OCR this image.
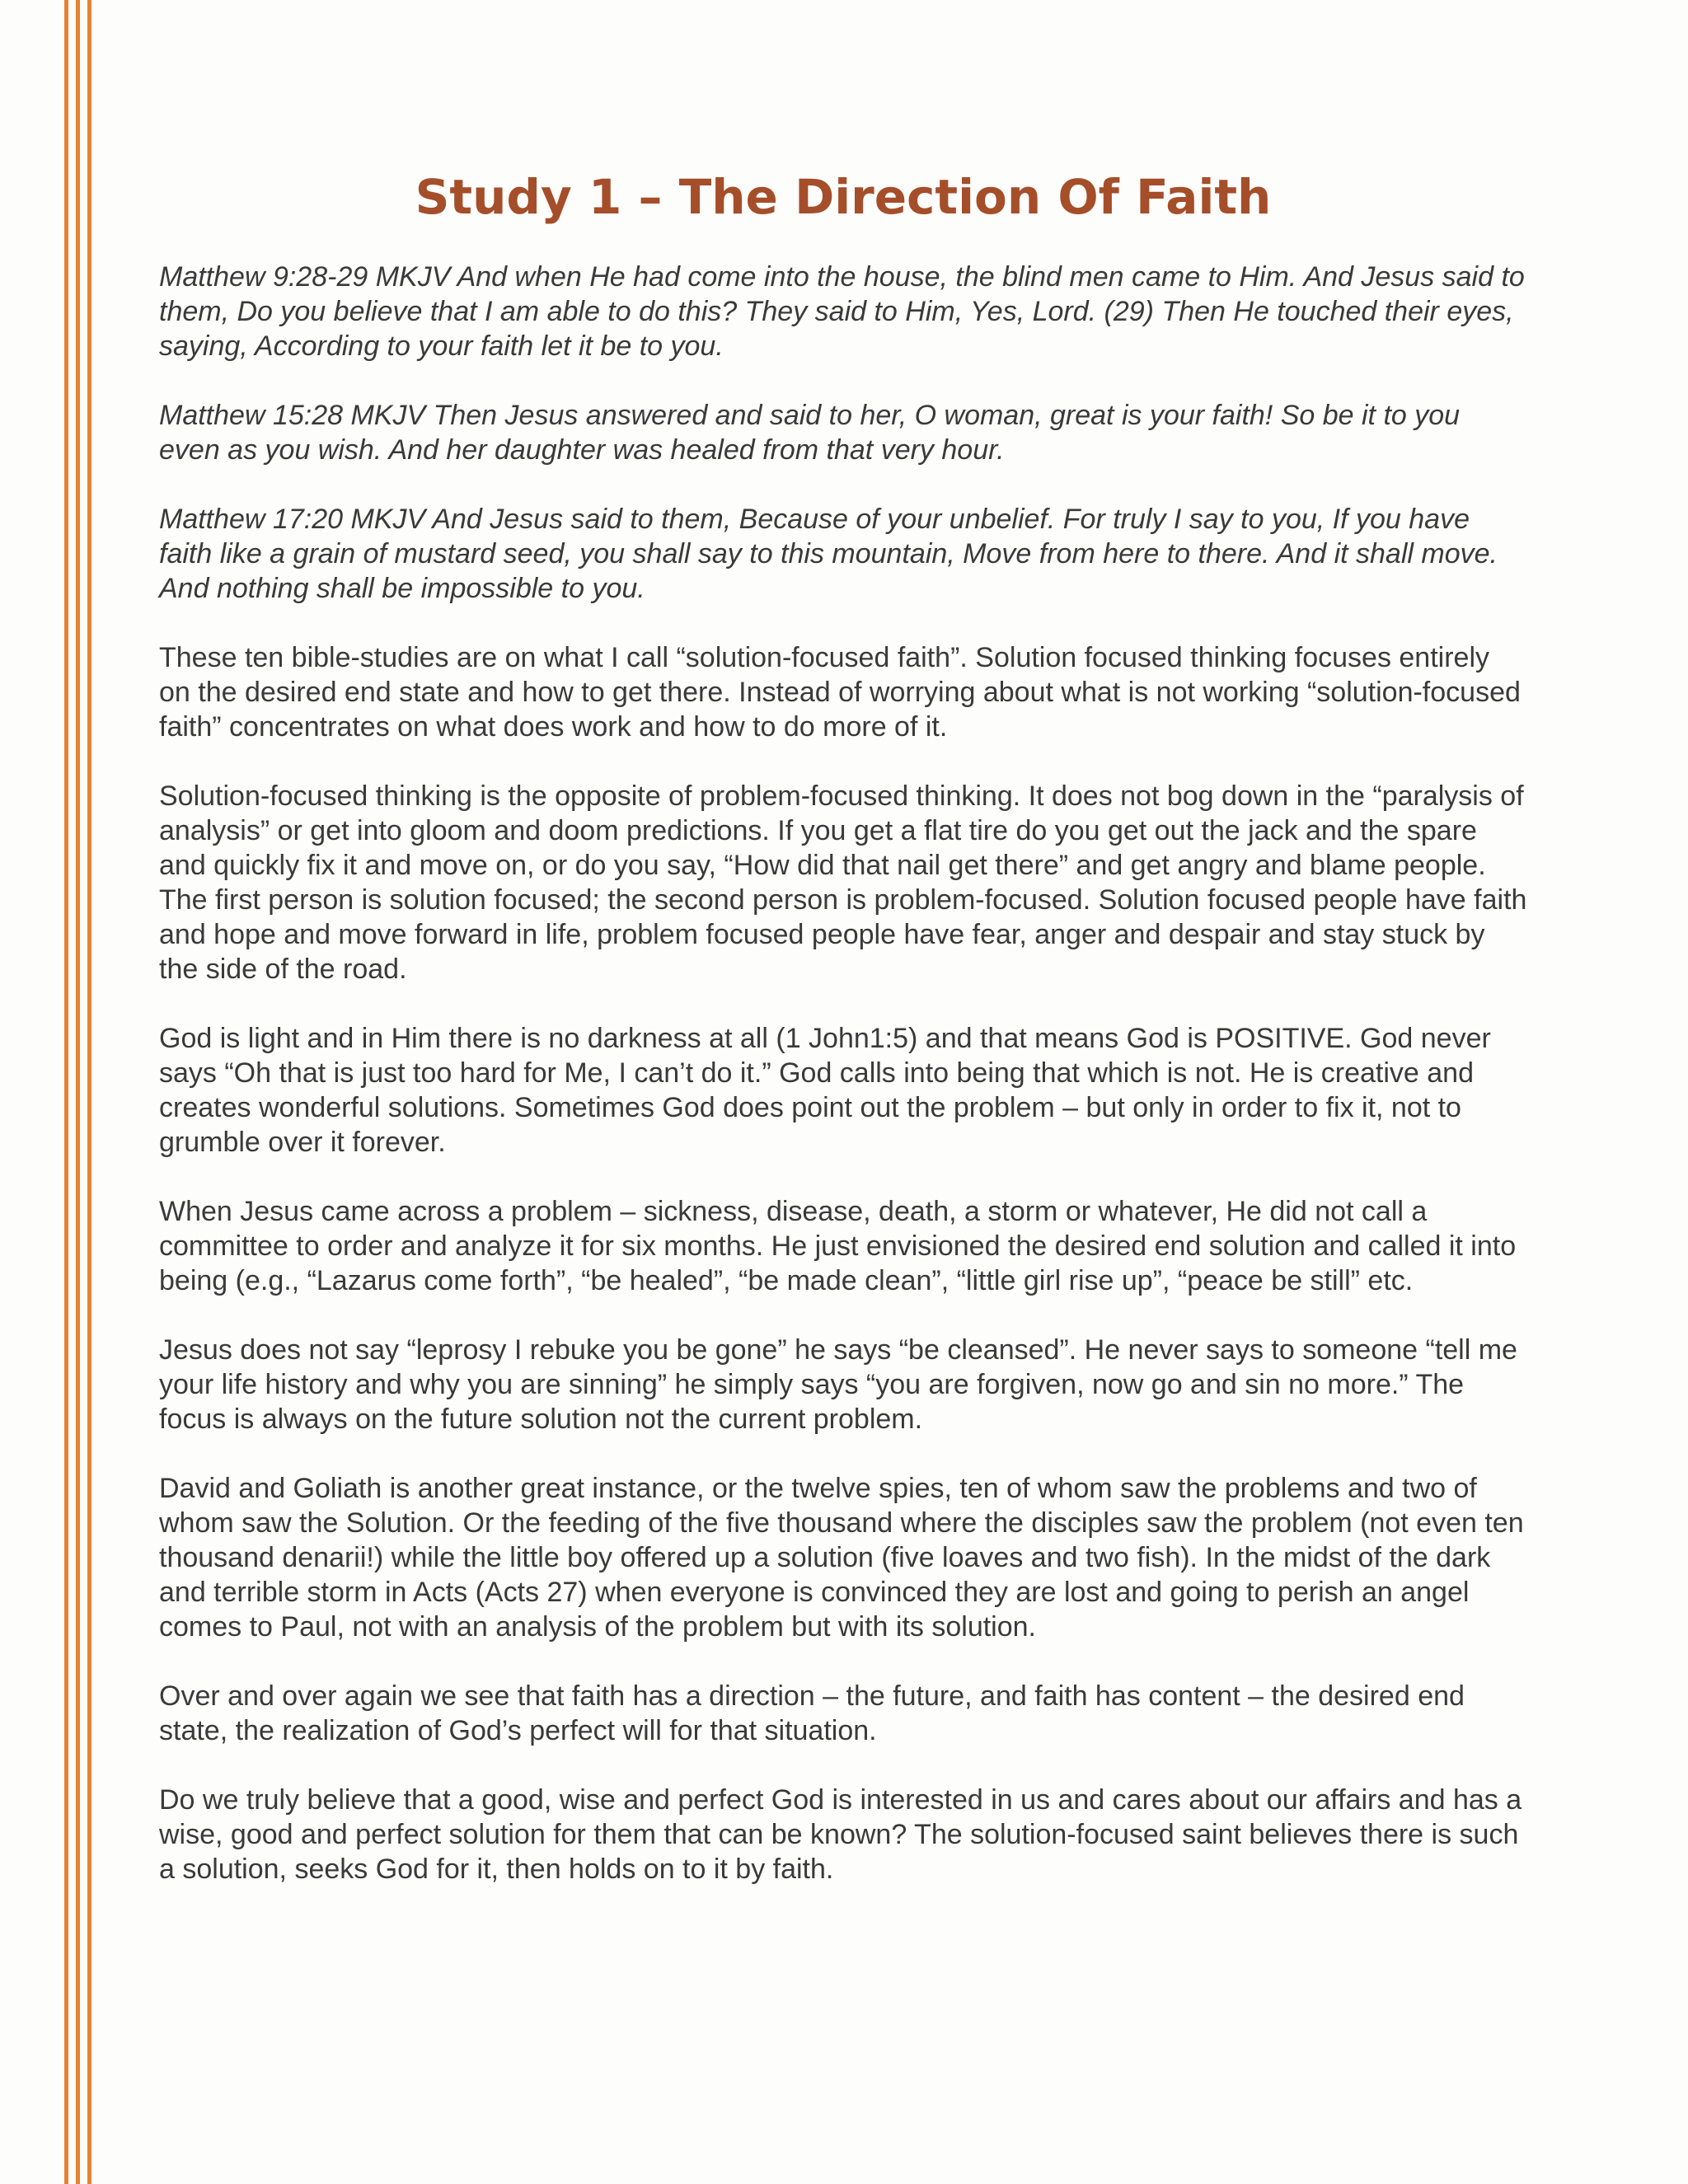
Study 1 – The Direction Of Faith

Matthew 9:28-29 MKJV And when He had come into the house, the blind men came to Him. And Jesus said to them, Do you believe that I am able to do this? They said to Him, Yes, Lord. (29) Then He touched their eyes, saying, According to your faith let it be to you.

Matthew 15:28 MKJV Then Jesus answered and said to her, O woman, great is your faith! So be it to you even as you wish. And her daughter was healed from that very hour.

Matthew 17:20 MKJV And Jesus said to them, Because of your unbelief. For truly I say to you, If you have faith like a grain of mustard seed, you shall say to this mountain, Move from here to there. And it shall move. And nothing shall be impossible to you.

These ten bible-studies are on what I call “solution-focused faith”. Solution focused thinking focuses entirely on the desired end state and how to get there. Instead of worrying about what is not working “solution-focused faith” concentrates on what does work and how to do more of it.

Solution-focused thinking is the opposite of problem-focused thinking. It does not bog down in the “paralysis of analysis” or get into gloom and doom predictions. If you get a flat tire do you get out the jack and the spare and quickly fix it and move on, or do you say, “How did that nail get there” and get angry and blame people. The first person is solution focused; the second person is problem-focused. Solution focused people have faith and hope and move forward in life, problem focused people have fear, anger and despair and stay stuck by the side of the road.

God is light and in Him there is no darkness at all (1 John1:5) and that means God is POSITIVE. God never says “Oh that is just too hard for Me, I can’t do it.” God calls into being that which is not. He is creative and creates wonderful solutions. Sometimes God does point out the problem – but only in order to fix it, not to grumble over it forever.

When Jesus came across a problem – sickness, disease, death, a storm or whatever, He did not call a committee to order and analyze it for six months. He just envisioned the desired end solution and called it into being (e.g., “Lazarus come forth”, “be healed”, “be made clean”, “little girl rise up”, “peace be still” etc.

Jesus does not say “leprosy I rebuke you be gone” he says “be cleansed”. He never says to someone “tell me your life history and why you are sinning” he simply says “you are forgiven, now go and sin no more.” The focus is always on the future solution not the current problem.

David and Goliath is another great instance, or the twelve spies, ten of whom saw the problems and two of whom saw the Solution. Or the feeding of the five thousand where the disciples saw the problem (not even ten thousand denarii!) while the little boy offered up a solution (five loaves and two fish). In the midst of the dark and terrible storm in Acts (Acts 27) when everyone is convinced they are lost and going to perish an angel comes to Paul, not with an analysis of the problem but with its solution.

Over and over again we see that faith has a direction – the future, and faith has content – the desired end state, the realization of God’s perfect will for that situation.

Do we truly believe that a good, wise and perfect God is interested in us and cares about our affairs and has a wise, good and perfect solution for them that can be known? The solution-focused saint believes there is such a solution, seeks God for it, then holds on to it by faith.
